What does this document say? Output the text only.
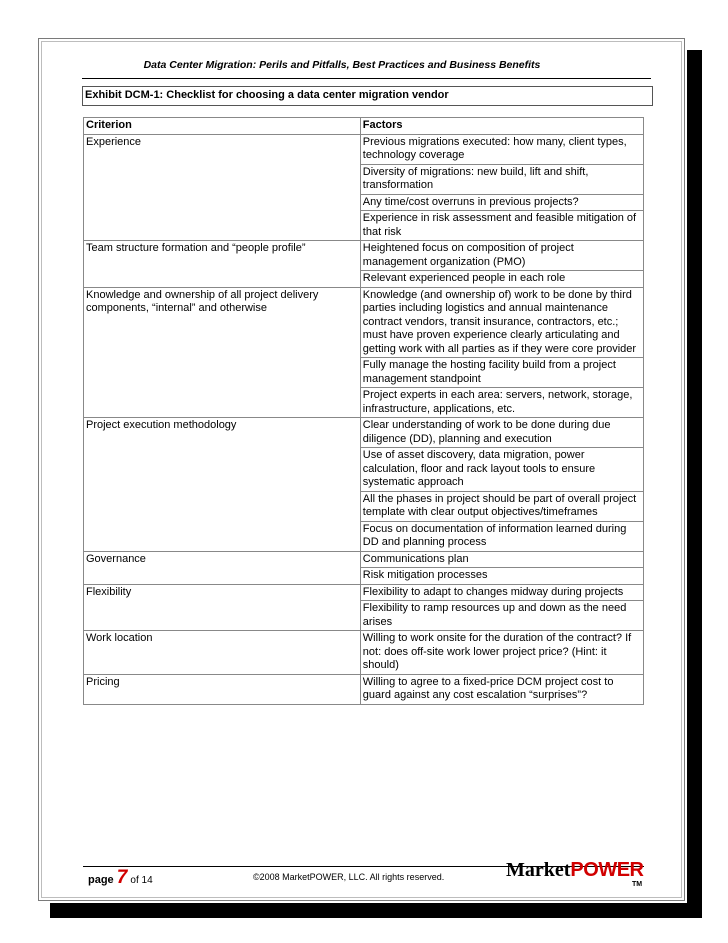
Data Center Migration: Perils and Pitfalls, Best Practices and Business Benefits
Exhibit DCM-1: Checklist for choosing a data center migration vendor
Criterion	Factors
Experience	Previous migrations executed: how many, client types, technology coverage
	Diversity of migrations: new build, lift and shift, transformation
	Any time/cost overruns in previous projects?
	Experience in risk assessment and feasible mitigation of that risk
Team structure formation and “people profile”	Heightened focus on composition of project management organization (PMO)
	Relevant experienced people in each role
Knowledge and ownership of all project delivery components, “internal” and otherwise	Knowledge (and ownership of) work to be done by third parties including logistics and annual maintenance contract vendors, transit insurance, contractors, etc.; must have proven experience clearly articulating and getting work with all parties as if they were core provider
	Fully manage the hosting facility build from a project management standpoint
	Project experts in each area: servers, network, storage, infrastructure, applications, etc.
Project execution methodology	Clear understanding of work to be done during due diligence (DD), planning and execution
	Use of asset discovery, data migration, power calculation, floor and rack layout tools to ensure systematic approach
	All the phases in project should be part of overall project template with clear output objectives/timeframes
	Focus on documentation of information learned during DD and planning process
Governance	Communications plan
	Risk mitigation processes
Flexibility	Flexibility to adapt to changes midway during projects
	Flexibility to ramp resources up and down as the need arises
Work location	Willing to work onsite for the duration of the contract? If not: does off-site work lower project price? (Hint: it should)
Pricing	Willing to agree to a fixed-price DCM project cost to guard against any cost escalation “surprises”?
page 7 of 14	©2008 MarketPOWER, LLC. All rights reserved.	MarketPOWER
TM
